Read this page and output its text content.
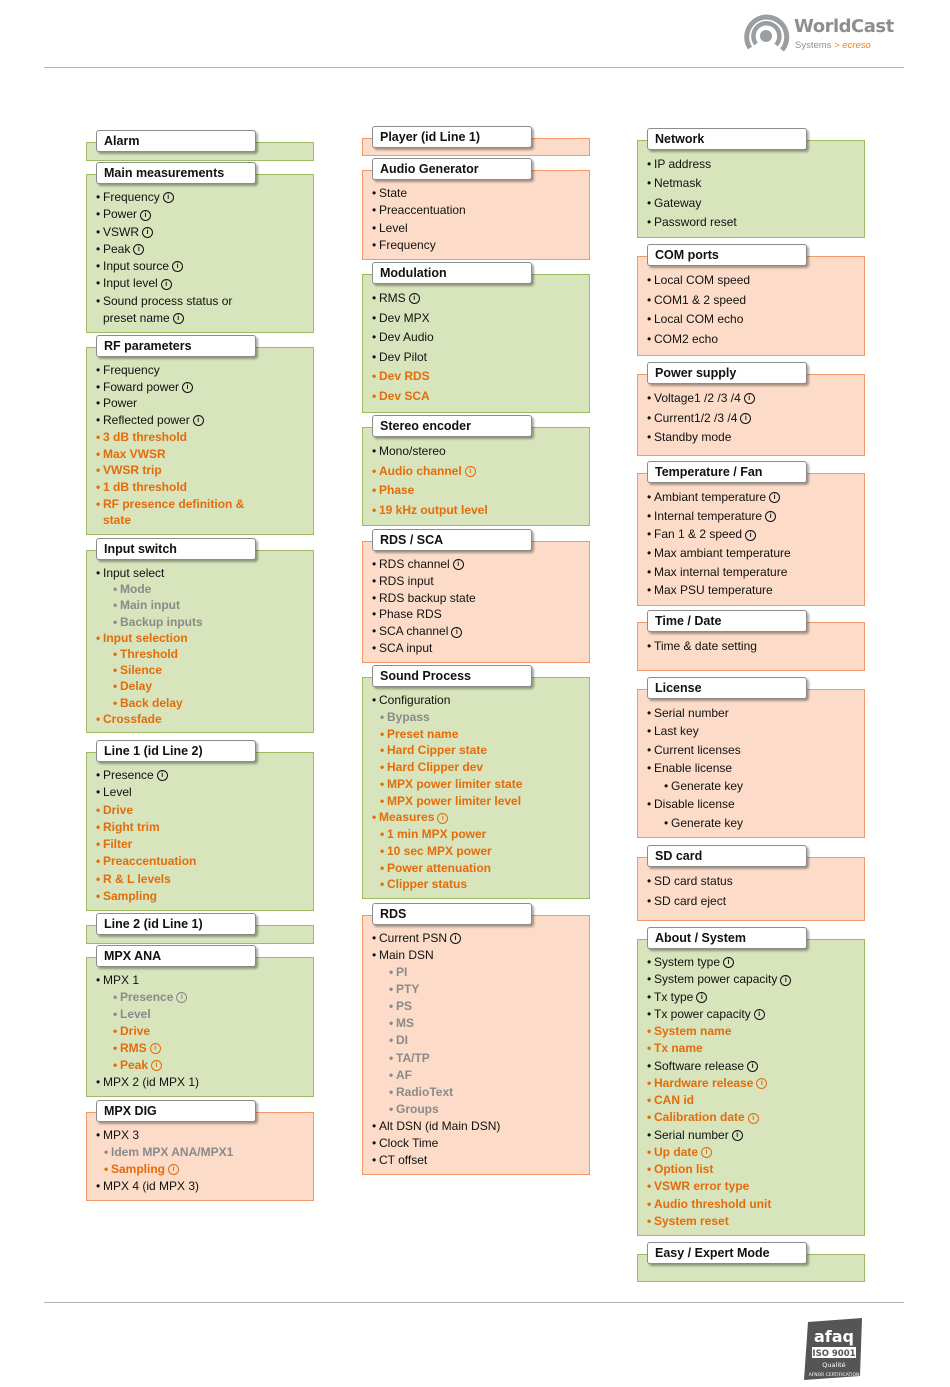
WorldCast
Systems > ecreso
Alarm
Main measurements
• Frequency i
• Power i
• VSWR i
• Peak i
• Input source i
• Input level i
• Sound process status or
preset name i
RF parameters
• Frequency
• Foward power i
• Power
• Reflected power i
• 3 dB threshold
• Max VWSR
• VWSR trip
• 1 dB threshold
• RF presence definition &
state
Input switch
• Input select
• Mode
• Main input
• Backup inputs
• Input selection
• Threshold
• Silence
• Delay
• Back delay
• Crossfade
Line 1 (id Line 2)
• Presence i
• Level
• Drive
• Right trim
• Filter
• Preaccentuation
• R & L levels
• Sampling
Line 2 (id Line 1)
MPX ANA
• MPX 1
• Presence i
• Level
• Drive
• RMS i
• Peak i
• MPX 2 (id MPX 1)
MPX DIG
• MPX 3
• Idem MPX ANA/MPX1
• Sampling i
• MPX 4 (id MPX 3)
Player (id Line 1)
Audio Generator
• State
• Preaccentuation
• Level
• Frequency
Modulation
• RMS i
• Dev MPX
• Dev Audio
• Dev Pilot
• Dev RDS
• Dev SCA
Stereo encoder
• Mono/stereo
• Audio channel i
• Phase
• 19 kHz output level
RDS / SCA
• RDS channel i
• RDS input
• RDS backup state
• Phase RDS
• SCA channel i
• SCA input
Sound Process
• Configuration
• Bypass
• Preset name
• Hard Cipper state
• Hard Clipper dev
• MPX power limiter state
• MPX power limiter level
• Measures i
• 1 min MPX power
• 10 sec MPX power
• Power attenuation
• Clipper status
RDS
• Current PSN i
• Main DSN
• PI
• PTY
• PS
• MS
• DI
• TA/TP
• AF
• RadioText
• Groups
• Alt DSN (id Main DSN)
• Clock Time
• CT offset
Network
• IP address
• Netmask
• Gateway
• Password reset
COM ports
• Local COM speed
• COM1 & 2 speed
• Local COM echo
• COM2 echo
Power supply
• Voltage1 /2 /3 /4 i
• Current1/2 /3 /4 i
• Standby mode
Temperature / Fan
• Ambiant temperature i
• Internal temperature i
• Fan 1 & 2 speed i
• Max ambiant temperature
• Max internal temperature
• Max PSU temperature
Time / Date
• Time & date setting
License
• Serial number
• Last key
• Current licenses
• Enable license
• Generate key
• Disable license
• Generate key
SD card
• SD card status
• SD card eject
About / System
• System type i
• System power capacity i
• Tx type i
• Tx power capacity i
• System name
• Tx name
• Software release i
• Hardware release i
• CAN id
• Calibration date i
• Serial number i
• Up date i
• Option list
• VSWR error type
• Audio threshold unit
• System reset
Easy / Expert Mode
afaq
ISO 9001
Qualité
AFNOR CERTIFICATION
